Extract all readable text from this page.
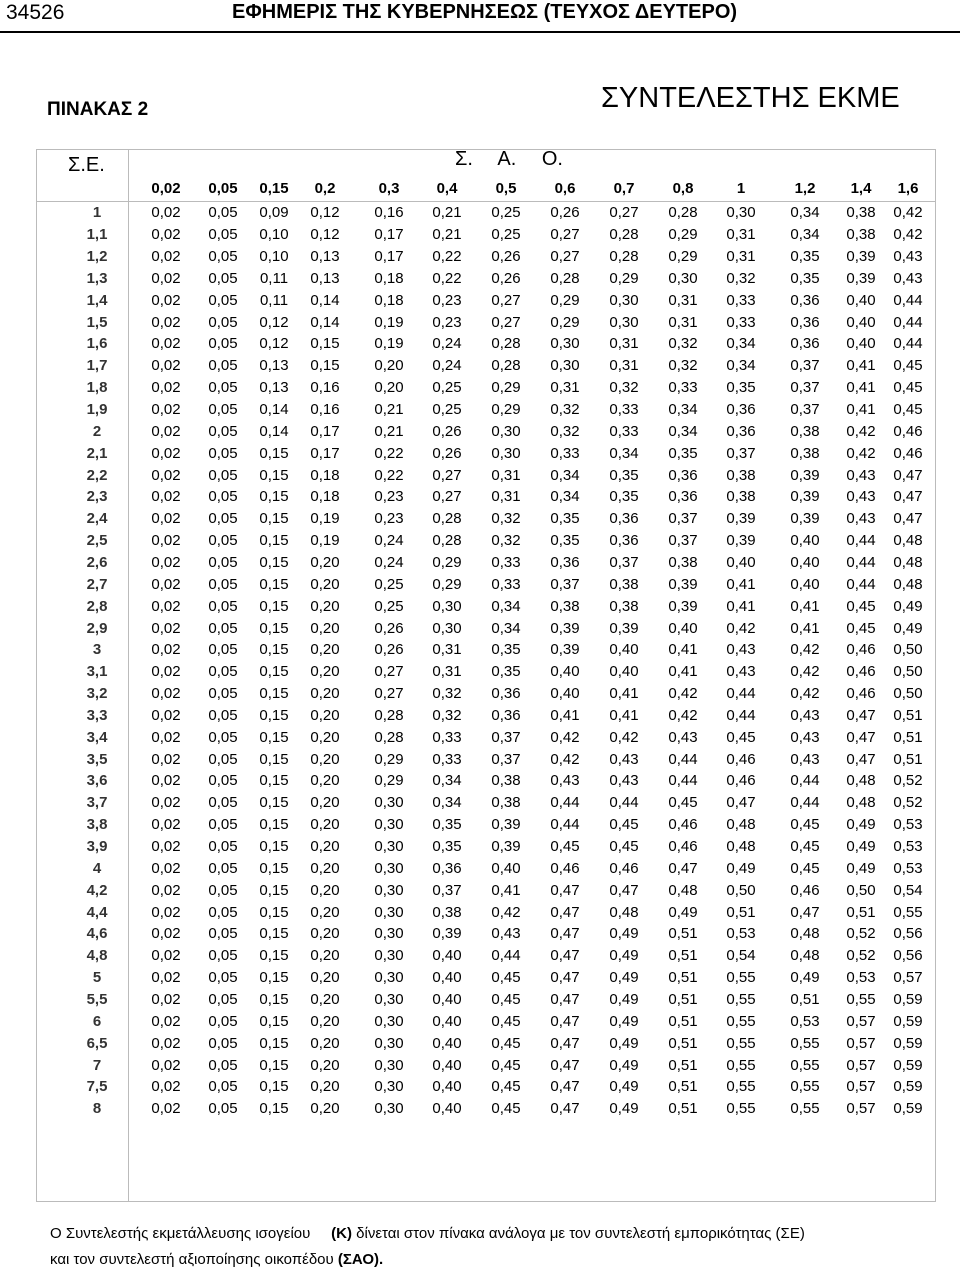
34526	ΕΦΗΜΕΡΙΣ ΤΗΣ ΚΥΒΕΡΝΗΣΕΩΣ (ΤΕΥΧΟΣ ΔΕΥΤΕΡΟ)
ΠΙΝΑΚΑΣ 2	ΣΥΝΤΕΛΕΣΤΗΣ ΕΚΜΕ
Σ.Ε.	Σ. Α. Ο.
0,02	0,05	0,15	0,2	0,3	0,4	0,5	0,6	0,7	0,8	1	1,2	1,4	1,6
1	0,02	0,05	0,09	0,12	0,16	0,21	0,25	0,26	0,27	0,28	0,30	0,34	0,38	0,42
1,1	0,02	0,05	0,10	0,12	0,17	0,21	0,25	0,27	0,28	0,29	0,31	0,34	0,38	0,42
1,2	0,02	0,05	0,10	0,13	0,17	0,22	0,26	0,27	0,28	0,29	0,31	0,35	0,39	0,43
1,3	0,02	0,05	0,11	0,13	0,18	0,22	0,26	0,28	0,29	0,30	0,32	0,35	0,39	0,43
1,4	0,02	0,05	0,11	0,14	0,18	0,23	0,27	0,29	0,30	0,31	0,33	0,36	0,40	0,44
1,5	0,02	0,05	0,12	0,14	0,19	0,23	0,27	0,29	0,30	0,31	0,33	0,36	0,40	0,44
1,6	0,02	0,05	0,12	0,15	0,19	0,24	0,28	0,30	0,31	0,32	0,34	0,36	0,40	0,44
1,7	0,02	0,05	0,13	0,15	0,20	0,24	0,28	0,30	0,31	0,32	0,34	0,37	0,41	0,45
1,8	0,02	0,05	0,13	0,16	0,20	0,25	0,29	0,31	0,32	0,33	0,35	0,37	0,41	0,45
1,9	0,02	0,05	0,14	0,16	0,21	0,25	0,29	0,32	0,33	0,34	0,36	0,37	0,41	0,45
2	0,02	0,05	0,14	0,17	0,21	0,26	0,30	0,32	0,33	0,34	0,36	0,38	0,42	0,46
2,1	0,02	0,05	0,15	0,17	0,22	0,26	0,30	0,33	0,34	0,35	0,37	0,38	0,42	0,46
2,2	0,02	0,05	0,15	0,18	0,22	0,27	0,31	0,34	0,35	0,36	0,38	0,39	0,43	0,47
2,3	0,02	0,05	0,15	0,18	0,23	0,27	0,31	0,34	0,35	0,36	0,38	0,39	0,43	0,47
2,4	0,02	0,05	0,15	0,19	0,23	0,28	0,32	0,35	0,36	0,37	0,39	0,39	0,43	0,47
2,5	0,02	0,05	0,15	0,19	0,24	0,28	0,32	0,35	0,36	0,37	0,39	0,40	0,44	0,48
2,6	0,02	0,05	0,15	0,20	0,24	0,29	0,33	0,36	0,37	0,38	0,40	0,40	0,44	0,48
2,7	0,02	0,05	0,15	0,20	0,25	0,29	0,33	0,37	0,38	0,39	0,41	0,40	0,44	0,48
2,8	0,02	0,05	0,15	0,20	0,25	0,30	0,34	0,38	0,38	0,39	0,41	0,41	0,45	0,49
2,9	0,02	0,05	0,15	0,20	0,26	0,30	0,34	0,39	0,39	0,40	0,42	0,41	0,45	0,49
3	0,02	0,05	0,15	0,20	0,26	0,31	0,35	0,39	0,40	0,41	0,43	0,42	0,46	0,50
3,1	0,02	0,05	0,15	0,20	0,27	0,31	0,35	0,40	0,40	0,41	0,43	0,42	0,46	0,50
3,2	0,02	0,05	0,15	0,20	0,27	0,32	0,36	0,40	0,41	0,42	0,44	0,42	0,46	0,50
3,3	0,02	0,05	0,15	0,20	0,28	0,32	0,36	0,41	0,41	0,42	0,44	0,43	0,47	0,51
3,4	0,02	0,05	0,15	0,20	0,28	0,33	0,37	0,42	0,42	0,43	0,45	0,43	0,47	0,51
3,5	0,02	0,05	0,15	0,20	0,29	0,33	0,37	0,42	0,43	0,44	0,46	0,43	0,47	0,51
3,6	0,02	0,05	0,15	0,20	0,29	0,34	0,38	0,43	0,43	0,44	0,46	0,44	0,48	0,52
3,7	0,02	0,05	0,15	0,20	0,30	0,34	0,38	0,44	0,44	0,45	0,47	0,44	0,48	0,52
3,8	0,02	0,05	0,15	0,20	0,30	0,35	0,39	0,44	0,45	0,46	0,48	0,45	0,49	0,53
3,9	0,02	0,05	0,15	0,20	0,30	0,35	0,39	0,45	0,45	0,46	0,48	0,45	0,49	0,53
4	0,02	0,05	0,15	0,20	0,30	0,36	0,40	0,46	0,46	0,47	0,49	0,45	0,49	0,53
4,2	0,02	0,05	0,15	0,20	0,30	0,37	0,41	0,47	0,47	0,48	0,50	0,46	0,50	0,54
4,4	0,02	0,05	0,15	0,20	0,30	0,38	0,42	0,47	0,48	0,49	0,51	0,47	0,51	0,55
4,6	0,02	0,05	0,15	0,20	0,30	0,39	0,43	0,47	0,49	0,51	0,53	0,48	0,52	0,56
4,8	0,02	0,05	0,15	0,20	0,30	0,40	0,44	0,47	0,49	0,51	0,54	0,48	0,52	0,56
5	0,02	0,05	0,15	0,20	0,30	0,40	0,45	0,47	0,49	0,51	0,55	0,49	0,53	0,57
5,5	0,02	0,05	0,15	0,20	0,30	0,40	0,45	0,47	0,49	0,51	0,55	0,51	0,55	0,59
6	0,02	0,05	0,15	0,20	0,30	0,40	0,45	0,47	0,49	0,51	0,55	0,53	0,57	0,59
6,5	0,02	0,05	0,15	0,20	0,30	0,40	0,45	0,47	0,49	0,51	0,55	0,55	0,57	0,59
7	0,02	0,05	0,15	0,20	0,30	0,40	0,45	0,47	0,49	0,51	0,55	0,55	0,57	0,59
7,5	0,02	0,05	0,15	0,20	0,30	0,40	0,45	0,47	0,49	0,51	0,55	0,55	0,57	0,59
8	0,02	0,05	0,15	0,20	0,30	0,40	0,45	0,47	0,49	0,51	0,55	0,55	0,57	0,59
Ο Συντελεστής εκμετάλλευσης ισογείου (Κ) δίνεται στον πίνακα ανάλογα με τον συντελεστή εμπορικότητας (ΣΕ)
και τον συντελεστή αξιοποίησης οικοπέδου (ΣΑΟ).
